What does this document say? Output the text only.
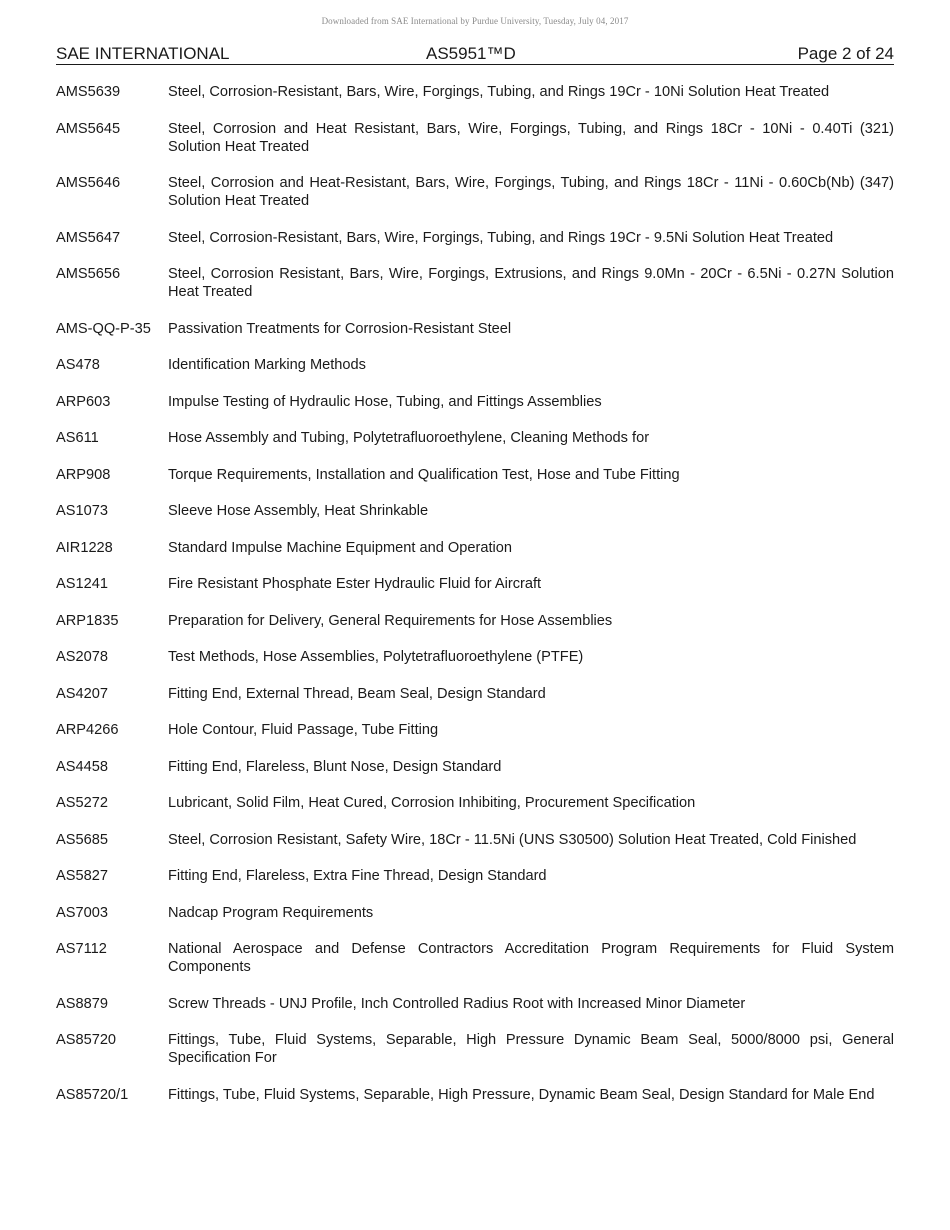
Downloaded from SAE International by Purdue University, Tuesday, July 04, 2017
SAE INTERNATIONAL	AS5951™D	Page 2 of 24
AMS5639	Steel, Corrosion-Resistant, Bars, Wire, Forgings, Tubing, and Rings 19Cr - 10Ni Solution Heat Treated
AMS5645	Steel, Corrosion and Heat Resistant, Bars, Wire, Forgings, Tubing, and Rings 18Cr - 10Ni - 0.40Ti (321) Solution Heat Treated
AMS5646	Steel, Corrosion and Heat-Resistant, Bars, Wire, Forgings, Tubing, and Rings 18Cr - 11Ni - 0.60Cb(Nb) (347) Solution Heat Treated
AMS5647	Steel, Corrosion-Resistant, Bars, Wire, Forgings, Tubing, and Rings 19Cr - 9.5Ni Solution Heat Treated
AMS5656	Steel, Corrosion Resistant, Bars, Wire, Forgings, Extrusions, and Rings 9.0Mn - 20Cr - 6.5Ni - 0.27N Solution Heat Treated
AMS-QQ-P-35	Passivation Treatments for Corrosion-Resistant Steel
AS478	Identification Marking Methods
ARP603	Impulse Testing of Hydraulic Hose, Tubing, and Fittings Assemblies
AS611	Hose Assembly and Tubing, Polytetrafluoroethylene, Cleaning Methods for
ARP908	Torque Requirements, Installation and Qualification Test, Hose and Tube Fitting
AS1073	Sleeve Hose Assembly, Heat Shrinkable
AIR1228	Standard Impulse Machine Equipment and Operation
AS1241	Fire Resistant Phosphate Ester Hydraulic Fluid for Aircraft
ARP1835	Preparation for Delivery, General Requirements for Hose Assemblies
AS2078	Test Methods, Hose Assemblies, Polytetrafluoroethylene (PTFE)
AS4207	Fitting End, External Thread, Beam Seal, Design Standard
ARP4266	Hole Contour, Fluid Passage, Tube Fitting
AS4458	Fitting End, Flareless, Blunt Nose, Design Standard
AS5272	Lubricant, Solid Film, Heat Cured, Corrosion Inhibiting, Procurement Specification
AS5685	Steel, Corrosion Resistant, Safety Wire, 18Cr - 11.5Ni (UNS S30500) Solution Heat Treated, Cold Finished
AS5827	Fitting End, Flareless, Extra Fine Thread, Design Standard
AS7003	Nadcap Program Requirements
AS7112	National Aerospace and Defense Contractors Accreditation Program Requirements for Fluid System Components
AS8879	Screw Threads - UNJ Profile, Inch Controlled Radius Root with Increased Minor Diameter
AS85720	Fittings, Tube, Fluid Systems, Separable, High Pressure Dynamic Beam Seal, 5000/8000 psi, General Specification For
AS85720/1	Fittings, Tube, Fluid Systems, Separable, High Pressure, Dynamic Beam Seal, Design Standard for Male End
